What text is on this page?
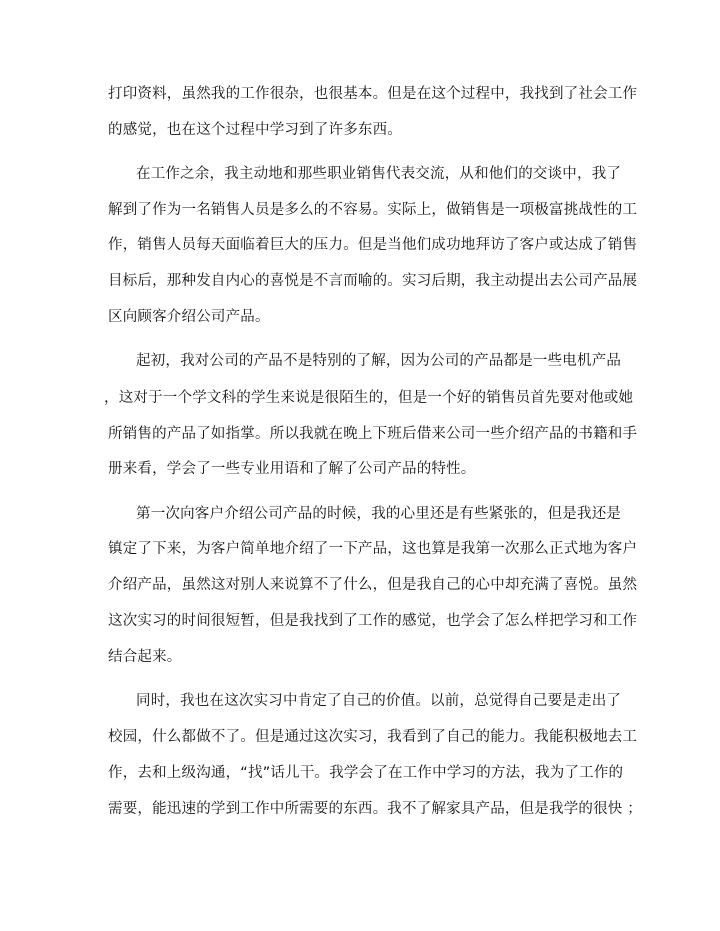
打印资料，虽然我的工作很杂，也很基本。但是在这个过程中，我找到了社会工作
的感觉，也在这个过程中学习到了许多东西。
在工作之余，我主动地和那些职业销售代表交流，从和他们的交谈中，我了
解到了作为一名销售人员是多么的不容易。实际上，做销售是一项极富挑战性的工
作，销售人员每天面临着巨大的压力。但是当他们成功地拜访了客户或达成了销售
目标后，那种发自内心的喜悦是不言而喻的。实习后期，我主动提出去公司产品展
区向顾客介绍公司产品。
起初，我对公司的产品不是特别的了解，因为公司的产品都是一些电机产品
，这对于一个学文科的学生来说是很陌生的，但是一个好的销售员首先要对他或她
所销售的产品了如指掌。所以我就在晚上下班后借来公司一些介绍产品的书籍和手
册来看，学会了一些专业用语和了解了公司产品的特性。
第一次向客户介绍公司产品的时候，我的心里还是有些紧张的，但是我还是
镇定了下来，为客户简单地介绍了一下产品，这也算是我第一次那么正式地为客户
介绍产品，虽然这对别人来说算不了什么，但是我自己的心中却充满了喜悦。虽然
这次实习的时间很短暂，但是我找到了工作的感觉，也学会了怎么样把学习和工作
结合起来。
同时，我也在这次实习中肯定了自己的价值。以前，总觉得自己要是走出了
校园，什么都做不了。但是通过这次实习，我看到了自己的能力。我能积极地去工
作，去和上级沟通，“找”话儿干。我学会了在工作中学习的方法，我为了工作的
需要，能迅速的学到工作中所需要的东西。我不了解家具产品，但是我学的很快 ；
